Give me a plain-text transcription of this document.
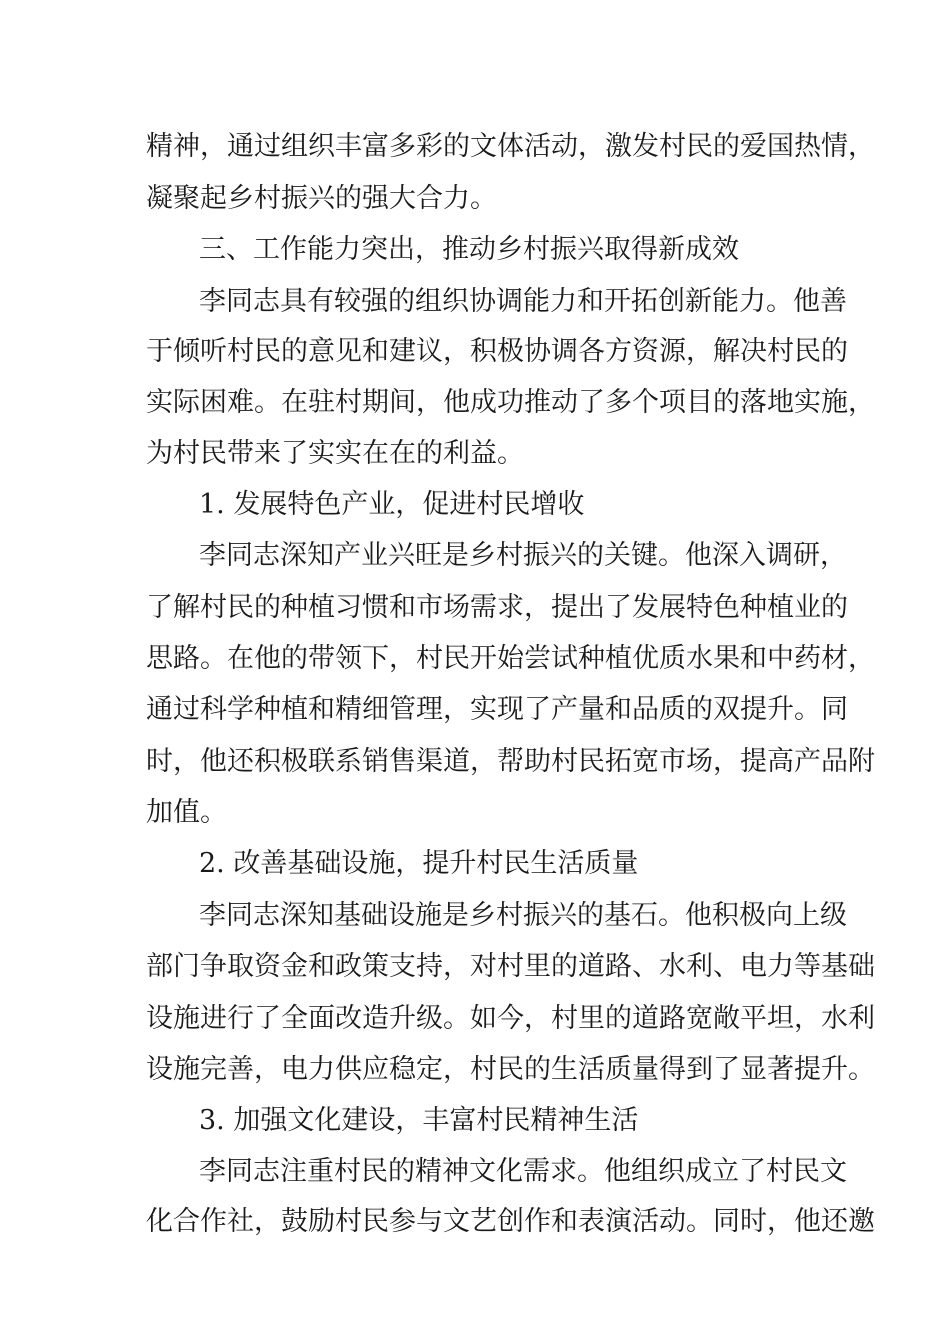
精神，通过组织丰富多彩的文体活动，激发村民的爱国热情，
凝聚起乡村振兴的强大合力。
三、工作能力突出，推动乡村振兴取得新成效
李同志具有较强的组织协调能力和开拓创新能力。他善
于倾听村民的意见和建议，积极协调各方资源，解决村民的
实际困难。在驻村期间，他成功推动了多个项目的落地实施，
为村民带来了实实在在的利益。
1. 发展特色产业，促进村民增收
李同志深知产业兴旺是乡村振兴的关键。他深入调研，
了解村民的种植习惯和市场需求，提出了发展特色种植业的
思路。在他的带领下，村民开始尝试种植优质水果和中药材，
通过科学种植和精细管理，实现了产量和品质的双提升。同
时，他还积极联系销售渠道，帮助村民拓宽市场，提高产品附
加值。
2. 改善基础设施，提升村民生活质量
李同志深知基础设施是乡村振兴的基石。他积极向上级
部门争取资金和政策支持，对村里的道路、水利、电力等基础
设施进行了全面改造升级。如今，村里的道路宽敞平坦，水利
设施完善，电力供应稳定，村民的生活质量得到了显著提升。
3. 加强文化建设，丰富村民精神生活
李同志注重村民的精神文化需求。他组织成立了村民文
化合作社，鼓励村民参与文艺创作和表演活动。同时，他还邀
